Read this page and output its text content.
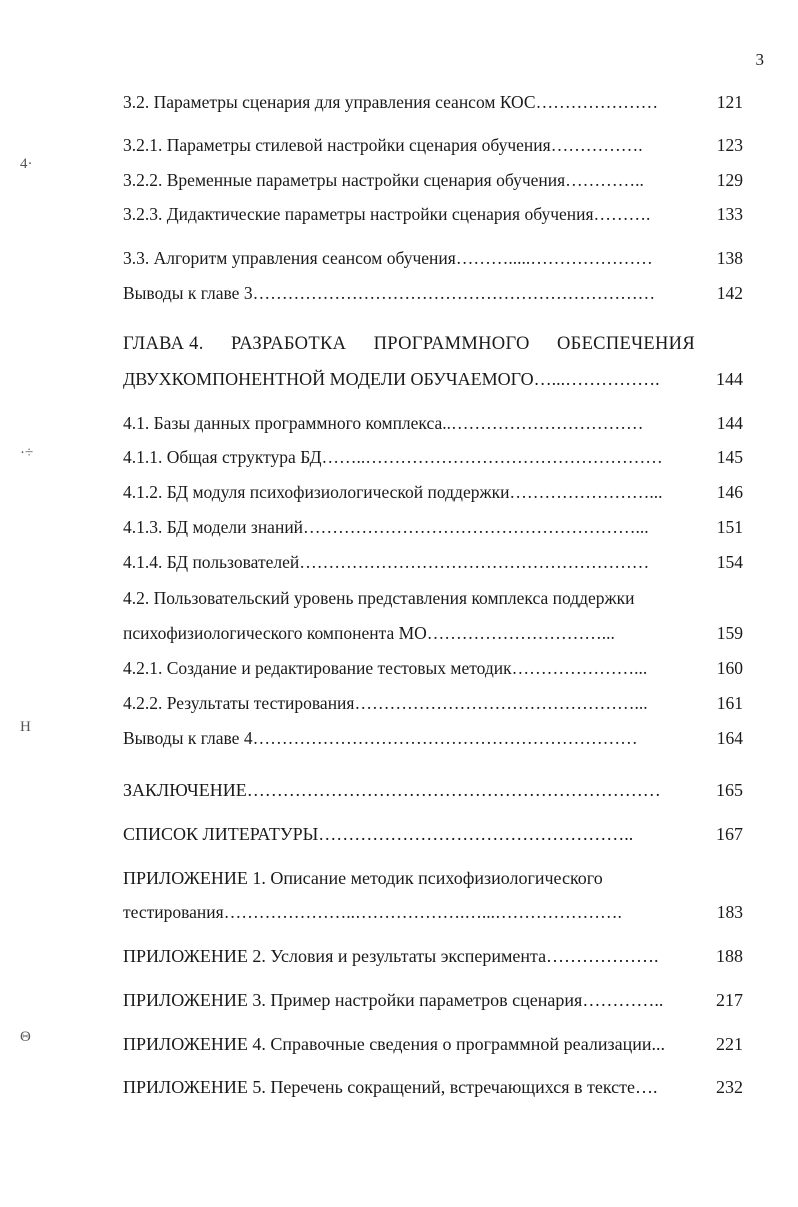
3
4·
·÷
Η
Θ
3.2. Параметры сценария для управления сеансом КОС…………………	121
3.2.1. Параметры стилевой настройки сценария обучения…………….	123
3.2.2. Временные параметры настройки сценария обучения…………..	129
3.2.3. Дидактические параметры настройки сценария обучения……….	133
3.3. Алгоритм управления сеансом обучения……….....…………………	138
Выводы к главе 3……………………………………………………………	142
ГЛАВА 4. РАЗРАБОТКА ПРОГРАММНОГО ОБЕСПЕЧЕНИЯ
ДВУХКОМПОНЕНТНОЙ МОДЕЛИ ОБУЧАЕМОГО…...…………….	144
4.1. Базы данных программного комплекса..……………………………	144
4.1.1. Общая структура БД……..……………………………………………	145
4.1.2. БД модуля психофизиологической поддержки……………………...	146
4.1.3. БД модели знаний…………………………………………………...	151
4.1.4. БД пользователей……………………………………………………	154
4.2. Пользовательский уровень представления комплекса поддержки
психофизиологического компонента МО…………………………...	159
4.2.1. Создание и редактирование тестовых методик…………………...	160
4.2.2. Результаты тестирования…………………………………………...	161
Выводы к главе 4…………………………………………………………	164
ЗАКЛЮЧЕНИЕ……………………………………………………………	165
СПИСОК ЛИТЕРАТУРЫ……………………………………………..	167
ПРИЛОЖЕНИЕ 1. Описание методик психофизиологического
тестирования…………………..……………….…...………………….	183
ПРИЛОЖЕНИЕ 2. Условия и результаты эксперимента……………….	188
ПРИЛОЖЕНИЕ 3. Пример настройки параметров сценария…………..	217
ПРИЛОЖЕНИЕ 4. Справочные сведения о программной реализации...	221
ПРИЛОЖЕНИЕ 5. Перечень сокращений, встречающихся в тексте….	232
